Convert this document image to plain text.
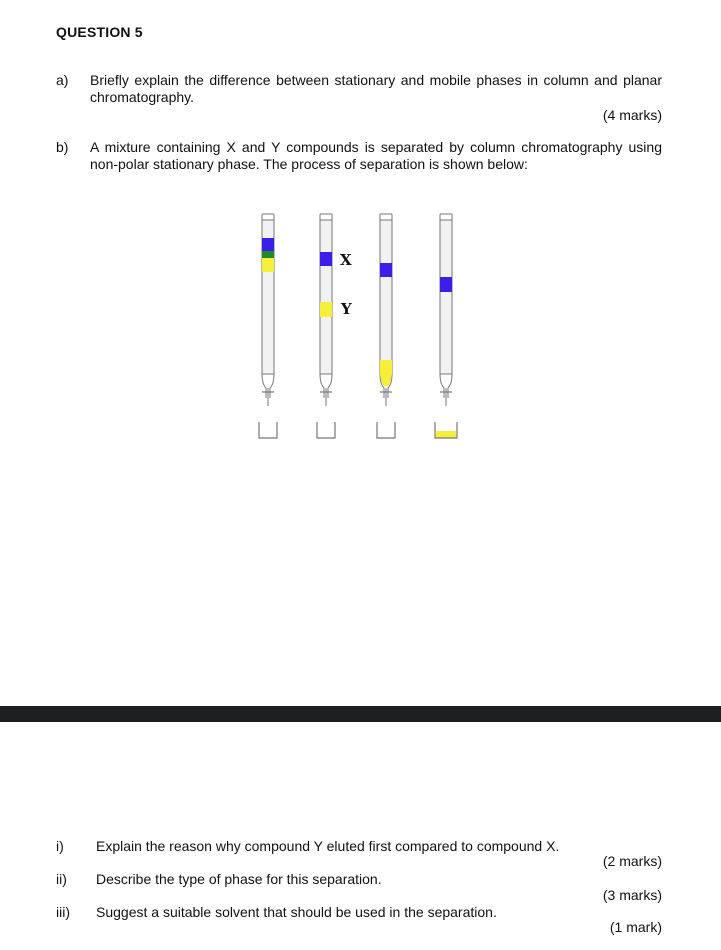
QUESTION 5
a) Briefly explain the difference between stationary and mobile phases in column and planar chromatography.
(4 marks)
b) A mixture containing X and Y compounds is separated by column chromatography using non-polar stationary phase. The process of separation is shown below:
X
Y
i) Explain the reason why compound Y eluted first compared to compound X.
(2 marks)
ii) Describe the type of phase for this separation.
(3 marks)
iii) Suggest a suitable solvent that should be used in the separation.
(1 mark)
